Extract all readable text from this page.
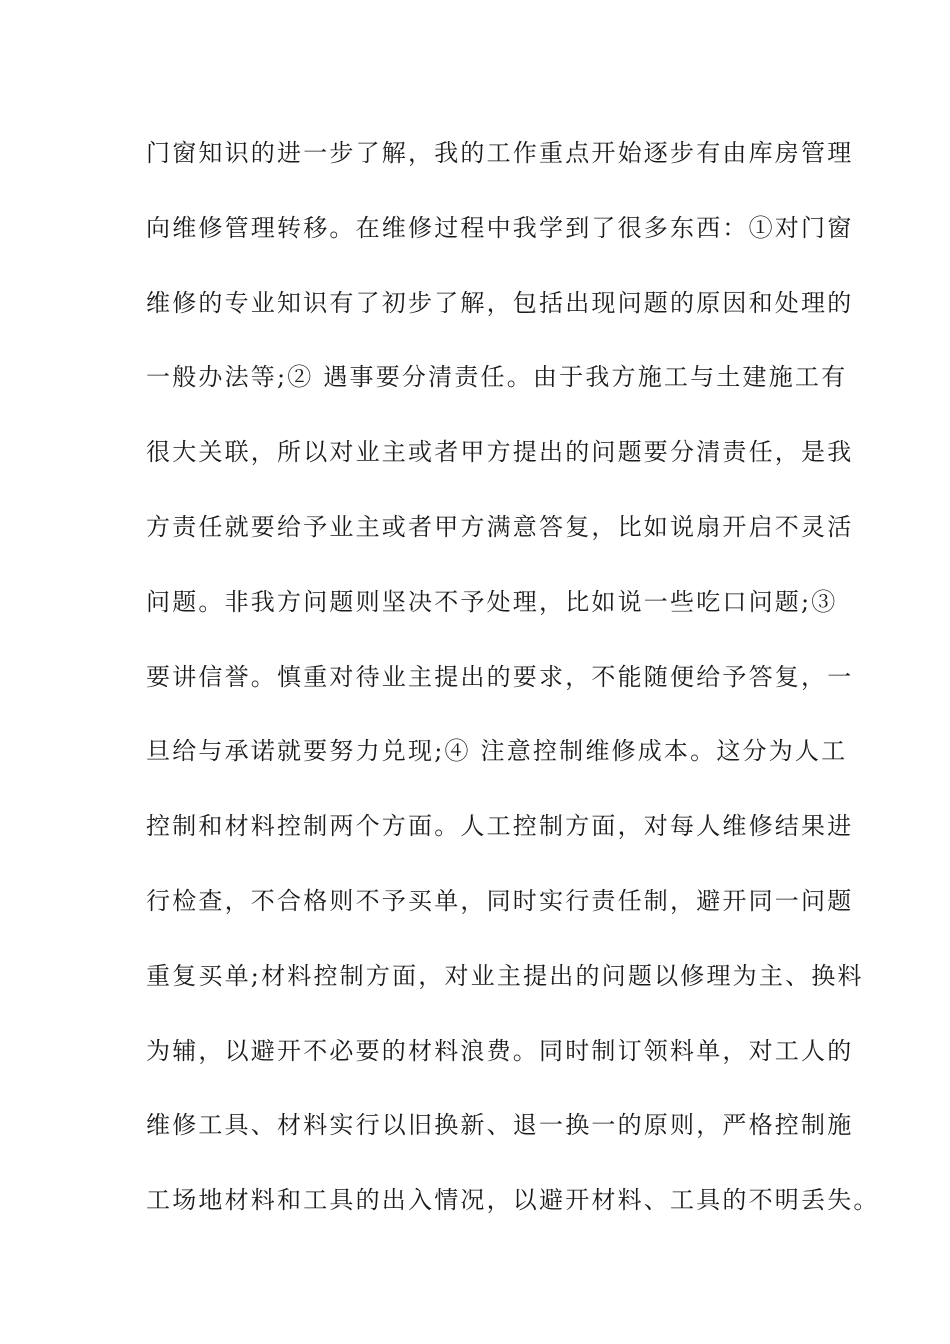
门窗知识的进一步了解，我的工作重点开始逐步有由库房管理
向维修管理转移。在维修过程中我学到了很多东西：①对门窗
维修的专业知识有了初步了解，包括出现问题的原因和处理的
一般办法等;② 遇事要分清责任。由于我方施工与土建施工有
很大关联，所以对业主或者甲方提出的问题要分清责任，是我
方责任就要给予业主或者甲方满意答复，比如说扇开启不灵活
问题。非我方问题则坚决不予处理，比如说一些吃口问题;③
要讲信誉。慎重对待业主提出的要求，不能随便给予答复，一
旦给与承诺就要努力兑现;④ 注意控制维修成本。这分为人工
控制和材料控制两个方面。人工控制方面，对每人维修结果进
行检查，不合格则不予买单，同时实行责任制，避开同一问题
重复买单;材料控制方面，对业主提出的问题以修理为主、换料
为辅，以避开不必要的材料浪费。同时制订领料单，对工人的
维修工具、材料实行以旧换新、退一换一的原则，严格控制施
工场地材料和工具的出入情况，以避开材料、工具的不明丢失。
